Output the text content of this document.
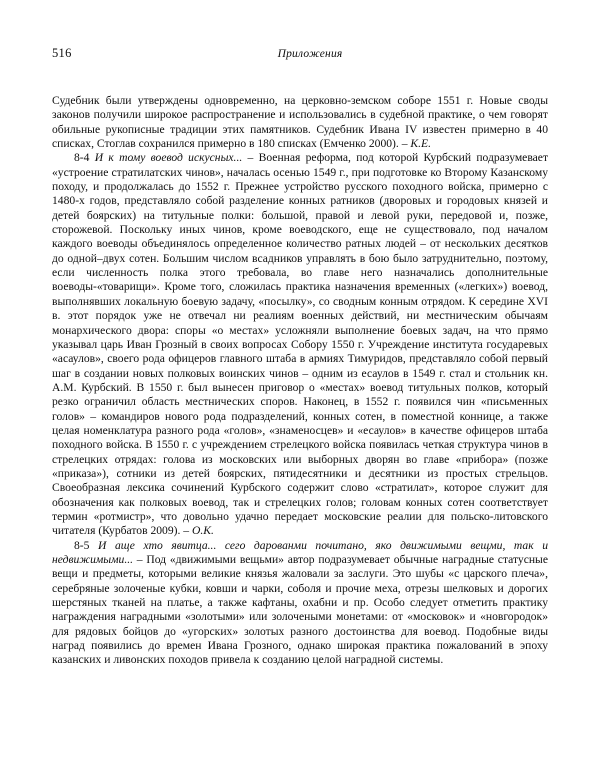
516	Приложения

Судебник были утверждены одновременно, на церковно-земском соборе 1551 г. Новые своды законов получили широкое распространение и использовались в судебной практике, о чем говорят обильные рукописные традиции этих памятников. Судебник Ивана IV известен примерно в 40 списках, Стоглав сохранился примерно в 180 списках (Емченко 2000). – К.Е.

8-4 И к тому воевод искусных... – Военная реформа, под которой Курбский подразумевает «устроение стратилатских чинов», началась осенью 1549 г., при подготовке ко Второму Казанскому походу, и продолжалась до 1552 г. Прежнее устройство русского походного войска, примерно с 1480-х годов, представляло собой разделение конных ратников (дворовых и городовых князей и детей боярских) на титульные полки: большой, правой и левой руки, передовой и, позже, сторожевой. Поскольку иных чинов, кроме воеводского, еще не существовало, под началом каждого воеводы объединялось определенное количество ратных людей – от нескольких десятков до одной–двух сотен. Большим числом всадников управлять в бою было затруднительно, поэтому, если численность полка этого требовала, во главе него назначались дополнительные воеводы-«товарищи». Кроме того, сложилась практика назначения временных («легких») воевод, выполнявших локальную боевую задачу, «посылку», со сводным конным отрядом. К середине XVI в. этот порядок уже не отвечал ни реалиям военных действий, ни местническим обычаям монархического двора: споры «о местах» усложняли выполнение боевых задач, на что прямо указывал царь Иван Грозный в своих вопросах Собору 1550 г. Учреждение института государевых «асаулов», своего рода офицеров главного штаба в армиях Тимуридов, представляло собой первый шаг в создании новых полковых воинских чинов – одним из есаулов в 1549 г. стал и стольник кн. А.М. Курбский. В 1550 г. был вынесен приговор о «местах» воевод титульных полков, который резко ограничил область местнических споров. Наконец, в 1552 г. появился чин «письменных голов» – командиров нового рода подразделений, конных сотен, в поместной коннице, а также целая номенклатура разного рода «голов», «знаменосцев» и «есаулов» в качестве офицеров штаба походного войска. В 1550 г. с учреждением стрелецкого войска появилась четкая структура чинов в стрелецких отрядах: голова из московских или выборных дворян во главе «прибора» (позже «приказа»), сотники из детей боярских, пятидесятники и десятники из простых стрельцов. Своеобразная лексика сочинений Курбского содержит слово «стратилат», которое служит для обозначения как полковых воевод, так и стрелецких голов; головам конных сотен соответствует термин «ротмистр», что довольно удачно передает московские реалии для польско-литовского читателя (Курбатов 2009). – О.К.

8-5 И аще хто явитца... сего дарованми почитано, яко движимыми вещми, так и недвижимыми... – Под «движимыми вещьми» автор подразумевает обычные наградные статусные вещи и предметы, которыми великие князья жаловали за заслуги. Это шубы «с царского плеча», серебряные золоченые кубки, ковши и чарки, соболя и прочие меха, отрезы шелковых и дорогих шерстяных тканей на платье, а также кафтаны, охабни и пр. Особо следует отметить практику награждения наградными «золотыми» или золочеными монетами: от «московок» и «новгородок» для рядовых бойцов до «угорских» золотых разного достоинства для воевод. Подобные виды наград появились до времен Ивана Грозного, однако широкая практика пожалований в эпоху казанских и ливонских походов привела к созданию целой наградной системы.
